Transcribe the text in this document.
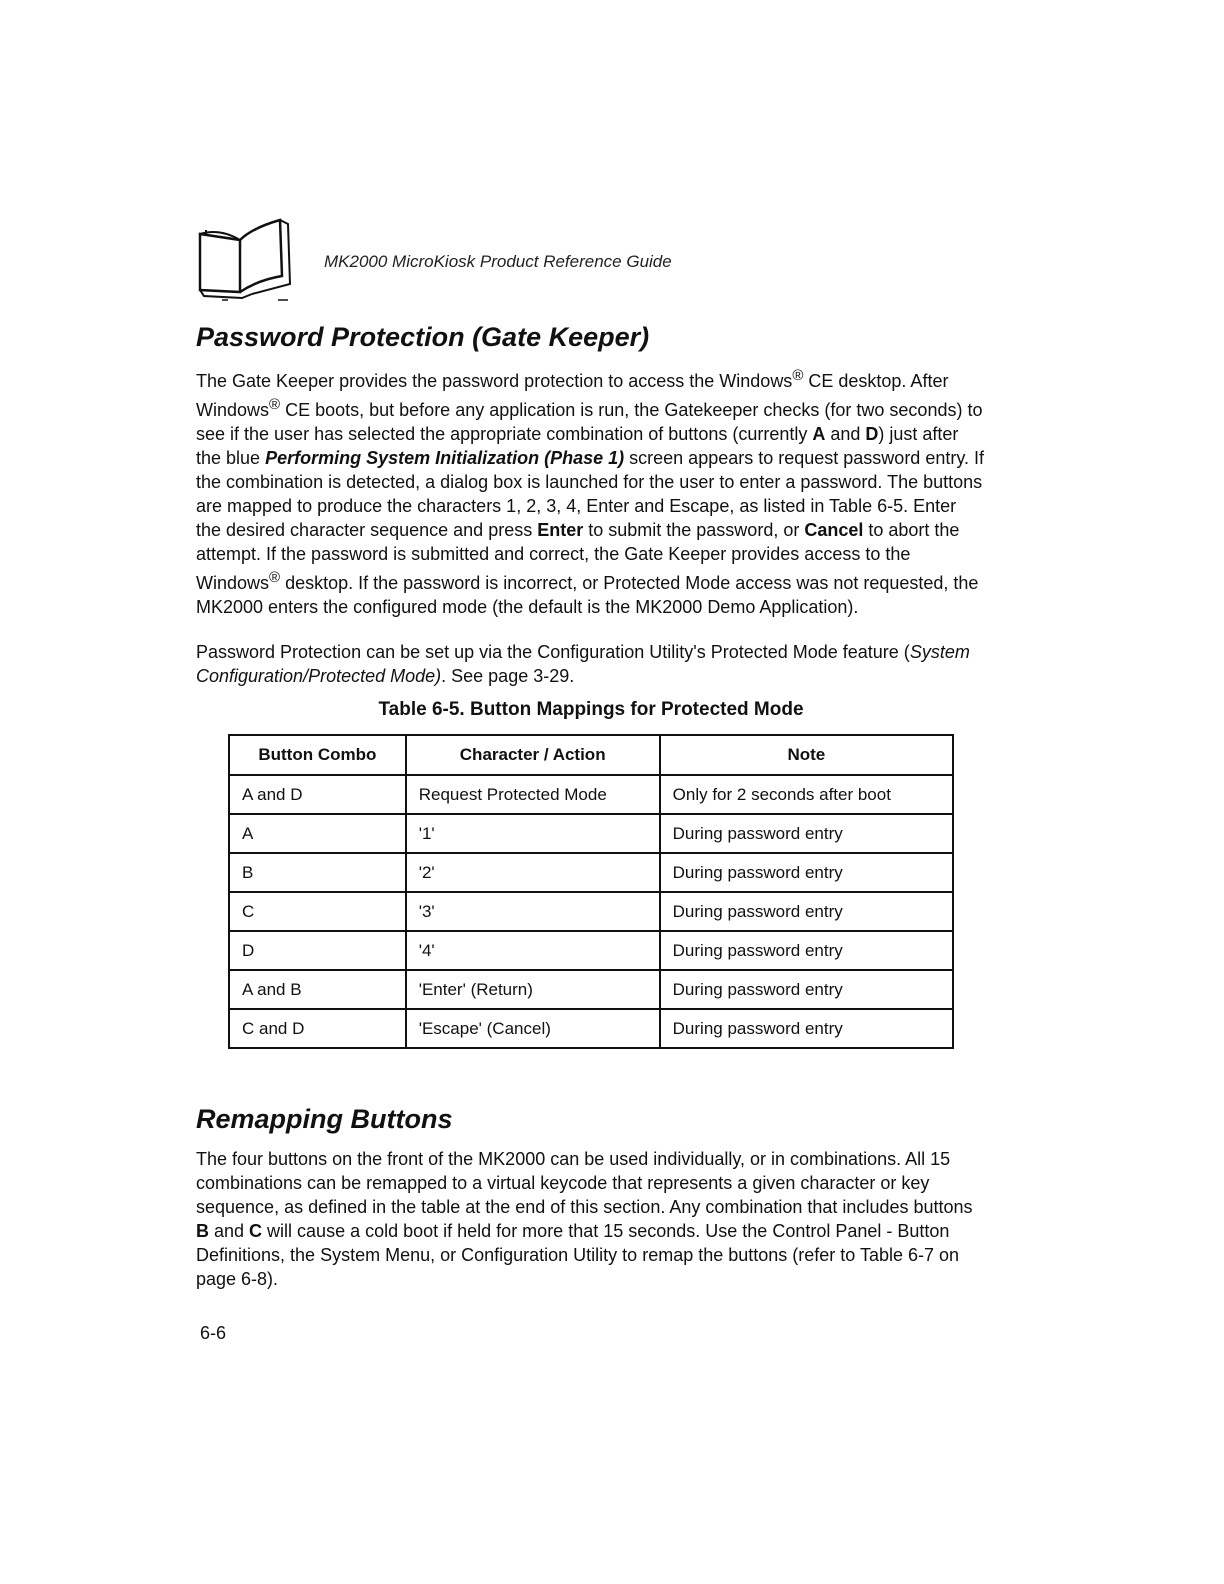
MK2000 MicroKiosk Product Reference Guide
Password Protection (Gate Keeper)

The Gate Keeper provides the password protection to access the Windows® CE desktop. After Windows® CE boots, but before any application is run, the Gatekeeper checks (for two seconds) to see if the user has selected the appropriate combination of buttons (currently A and D) just after the blue Performing System Initialization (Phase 1) screen appears to request password entry. If the combination is detected, a dialog box is launched for the user to enter a password. The buttons are mapped to produce the characters 1, 2, 3, 4, Enter and Escape, as listed in Table 6-5. Enter the desired character sequence and press Enter to submit the password, or Cancel to abort the attempt. If the password is submitted and correct, the Gate Keeper provides access to the Windows® desktop. If the password is incorrect, or Protected Mode access was not requested, the MK2000 enters the configured mode (the default is the MK2000 Demo Application).

Password Protection can be set up via the Configuration Utility's Protected Mode feature (System Configuration/Protected Mode). See page 3-29.

Table 6-5. Button Mappings for Protected Mode
Button Combo	Character / Action	Note
A and D	Request Protected Mode	Only for 2 seconds after boot
A	'1'	During password entry
B	'2'	During password entry
C	'3'	During password entry
D	'4'	During password entry
A and B	'Enter' (Return)	During password entry
C and D	'Escape' (Cancel)	During password entry
Remapping Buttons

The four buttons on the front of the MK2000 can be used individually, or in combinations. All 15 combinations can be remapped to a virtual keycode that represents a given character or key sequence, as defined in the table at the end of this section. Any combination that includes buttons B and C will cause a cold boot if held for more that 15 seconds. Use the Control Panel - Button Definitions, the System Menu, or Configuration Utility to remap the buttons (refer to Table 6-7 on page 6-8).

6-6
